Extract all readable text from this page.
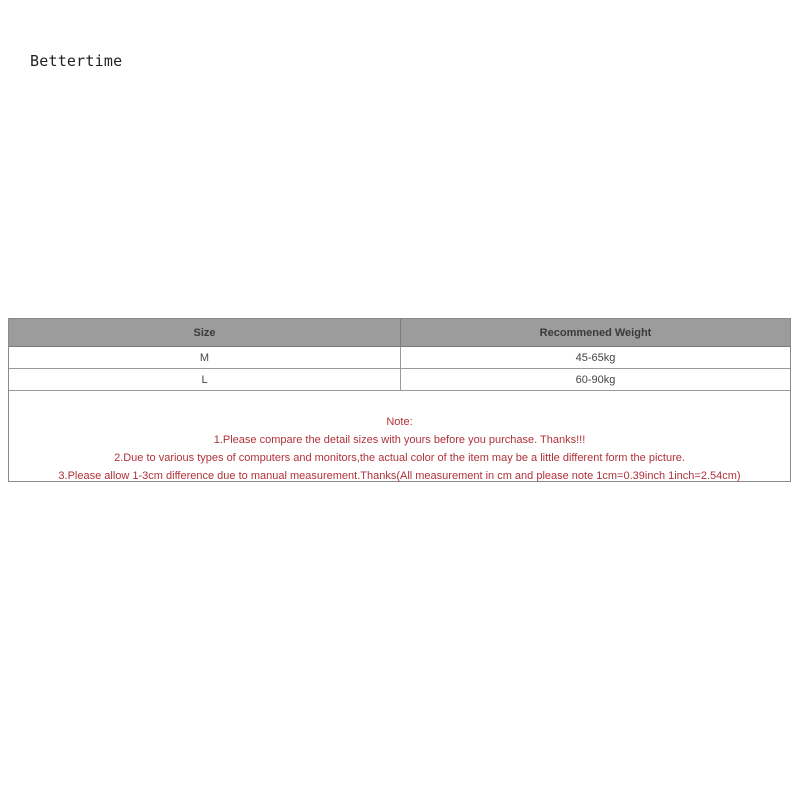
Bettertime
Size	Recommened Weight
M	45-65kg
L	60-90kg
Note:
1.Please compare the detail sizes with yours before you purchase. Thanks!!!
2.Due to various types of computers and monitors,the actual color of the item may be a little different form the picture.
3.Please allow 1-3cm difference due to manual measurement.Thanks(All measurement in cm and please note 1cm=0.39inch 1inch=2.54cm)
